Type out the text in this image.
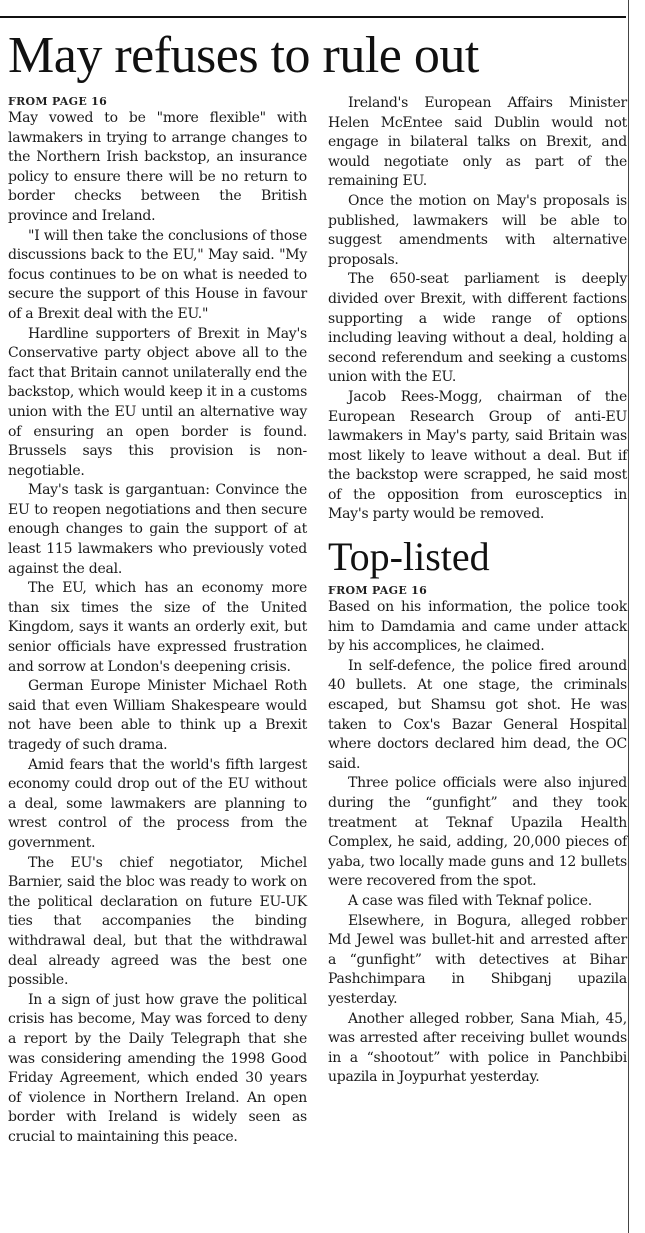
May refuses to rule out

FROM PAGE 16

May vowed to be "more flexible" with lawmakers in trying to arrange changes to the Northern Irish backstop, an insurance policy to ensure there will be no return to border checks between the British province and Ireland.

"I will then take the conclusions of those discussions back to the EU," May said. "My focus continues to be on what is needed to secure the support of this House in favour of a Brexit deal with the EU."

Hardline supporters of Brexit in May's Conservative party object above all to the fact that Britain cannot unilaterally end the backstop, which would keep it in a customs union with the EU until an alternative way of ensuring an open border is found. Brussels says this provision is non-negotiable.

May's task is gargantuan: Convince the EU to reopen negotiations and then secure enough changes to gain the support of at least 115 lawmakers who previously voted against the deal.

The EU, which has an economy more than six times the size of the United Kingdom, says it wants an orderly exit, but senior officials have expressed frustration and sorrow at London's deepening crisis.

German Europe Minister Michael Roth said that even William Shakespeare would not have been able to think up a Brexit tragedy of such drama.

Amid fears that the world's fifth largest economy could drop out of the EU without a deal, some lawmakers are planning to wrest control of the process from the government.

The EU's chief negotiator, Michel Barnier, said the bloc was ready to work on the political declaration on future EU-UK ties that accompanies the binding withdrawal deal, but that the withdrawal deal already agreed was the best one possible.

In a sign of just how grave the political crisis has become, May was forced to deny a report by the Daily Telegraph that she was considering amending the 1998 Good Friday Agreement, which ended 30 years of violence in Northern Ireland. An open border with Ireland is widely seen as crucial to maintaining this peace.

Ireland's European Affairs Minister Helen McEntee said Dublin would not engage in bilateral talks on Brexit, and would negotiate only as part of the remaining EU.

Once the motion on May's proposals is published, lawmakers will be able to suggest amendments with alternative proposals.

The 650-seat parliament is deeply divided over Brexit, with different factions supporting a wide range of options including leaving without a deal, holding a second referendum and seeking a customs union with the EU.

Jacob Rees-Mogg, chairman of the European Research Group of anti-EU lawmakers in May's party, said Britain was most likely to leave without a deal. But if the backstop were scrapped, he said most of the opposition from eurosceptics in May's party would be removed.

Top-listed

FROM PAGE 16

Based on his information, the police took him to Damdamia and came under attack by his accomplices, he claimed.

In self-defence, the police fired around 40 bullets. At one stage, the criminals escaped, but Shamsu got shot. He was taken to Cox's Bazar General Hospital where doctors declared him dead, the OC said.

Three police officials were also injured during the “gunfight” and they took treatment at Teknaf Upazila Health Complex, he said, adding, 20,000 pieces of yaba, two locally made guns and 12 bullets were recovered from the spot.

A case was filed with Teknaf police.

Elsewhere, in Bogura, alleged robber Md Jewel was bullet-hit and arrested after a “gunfight” with detectives at Bihar Pashchimpara in Shibganj upazila yesterday.

Another alleged robber, Sana Miah, 45, was arrested after receiving bullet wounds in a “shootout” with police in Panchbibi upazila in Joypurhat yesterday.
